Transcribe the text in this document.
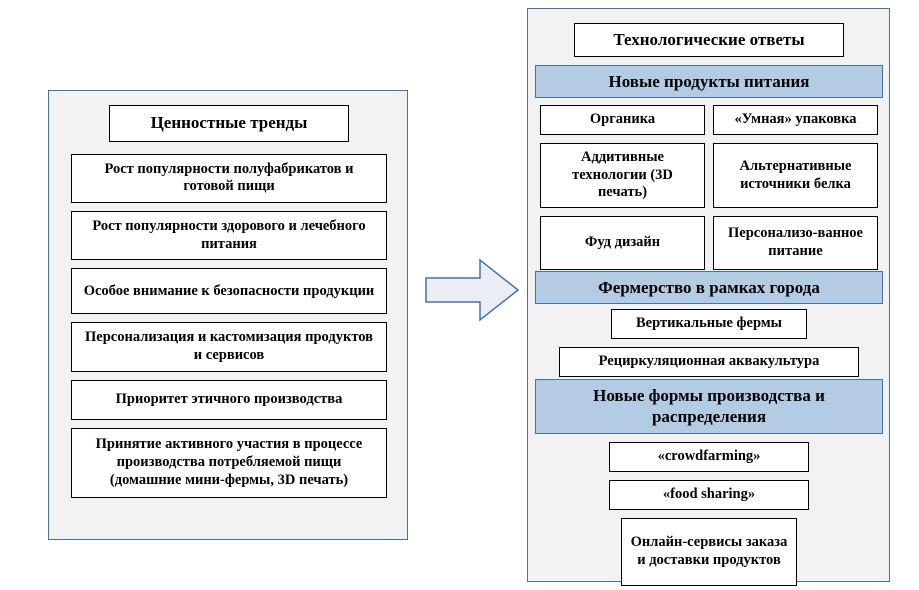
Ценностные тренды
Рост популярности полуфабрикатов и готовой пищи
Рост популярности здорового и лечебного питания
Особое внимание к безопасности продукции
Персонализация и кастомизация продуктов и сервисов
Приоритет этичного производства
Принятие активного участия в процессе производства потребляемой пищи (домашние мини-фермы, 3D печать)
Технологические ответы
Новые продукты питания
Органика	«Умная» упаковка
Аддитивные технологии (3D печать)
Альтернативные источники белка
Фуд дизайн
Персонализо-ванное питание
Фермерство в рамках города
Вертикальные фермы
Рециркуляционная аквакультура
Новые формы производства и распределения
«crowdfarming»
«food sharing»
Онлайн-сервисы заказа и доставки продуктов
